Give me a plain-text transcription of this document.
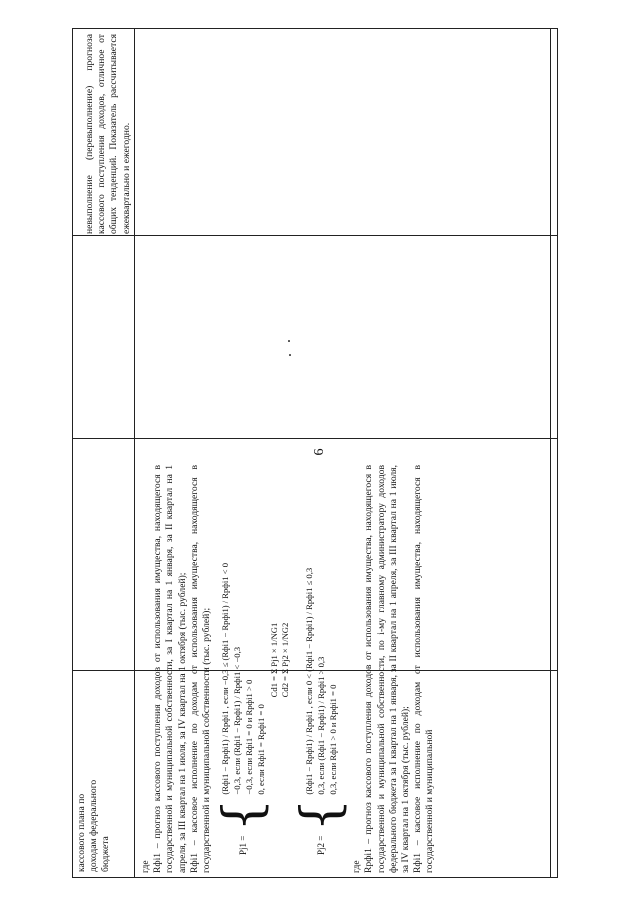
6

кассового плана по доходам федерального бюджета	где Rфi1 – прогноз кассового поступления доходов от использования имущества, находящегося в государственной и муниципальной собственности, за I квартал на 1 января, за II квартал на 1 апреля, за III квартал на 1 июля, за IV квартал на 1 октября (тыс. рублей); Rфi1 – кассовое исполнение по доходам от использования имущества, находящегося в государственной и муниципальной собственности (тыс. рублей);	Pj1 =
{
(Rфi1 − Rрфi1) / Rрфi1 , если −0,3 ≤ (Rфi1 − Rрфi1) / Rрфi1 < 0 −0,3, если (Rфi1 − Rрфi1) / Rрфi1 < −0,3 −0,3, если Rфi1 = 0 и Rрфi1 > 0 0, если Rфi1 = Rрфi1 = 0
Cd1 = Σ Pj1 × 1/NG1 Cd2 = Σ Pj2 × 1/NG2
Pj2 =
{
(Rфi1 − Rрфi1) / Rрфi1 , если 0 < (Rфi1 − Rрфi1) / Rрфi1 ≤ 0,3 0,3, если (Rфi1 − Rрфi1) / Rрфi1 > 0,3 0,3, если Rфi1 > 0 и Rрфi1 = 0

где Rрфi1 – прогноз кассового поступления доходов от использования имущества, находящегося в государственной и муниципальной собственности, по i-му главному администратору доходов федерального бюджета за I квартал на 1 января, за II квартал на 1 апреля, за III квартал на 1 июля, за IV квартал на 1 октября (тыс. рублей); Rфi1 – кассовое исполнение по доходам от использования имущества, находящегося в государственной и муниципальной

невыполнение (перевыполнение) прогноза кассового поступления доходов, отличное от общих тенденций. Показатель рассчитывается ежеквартально и ежегодно.
